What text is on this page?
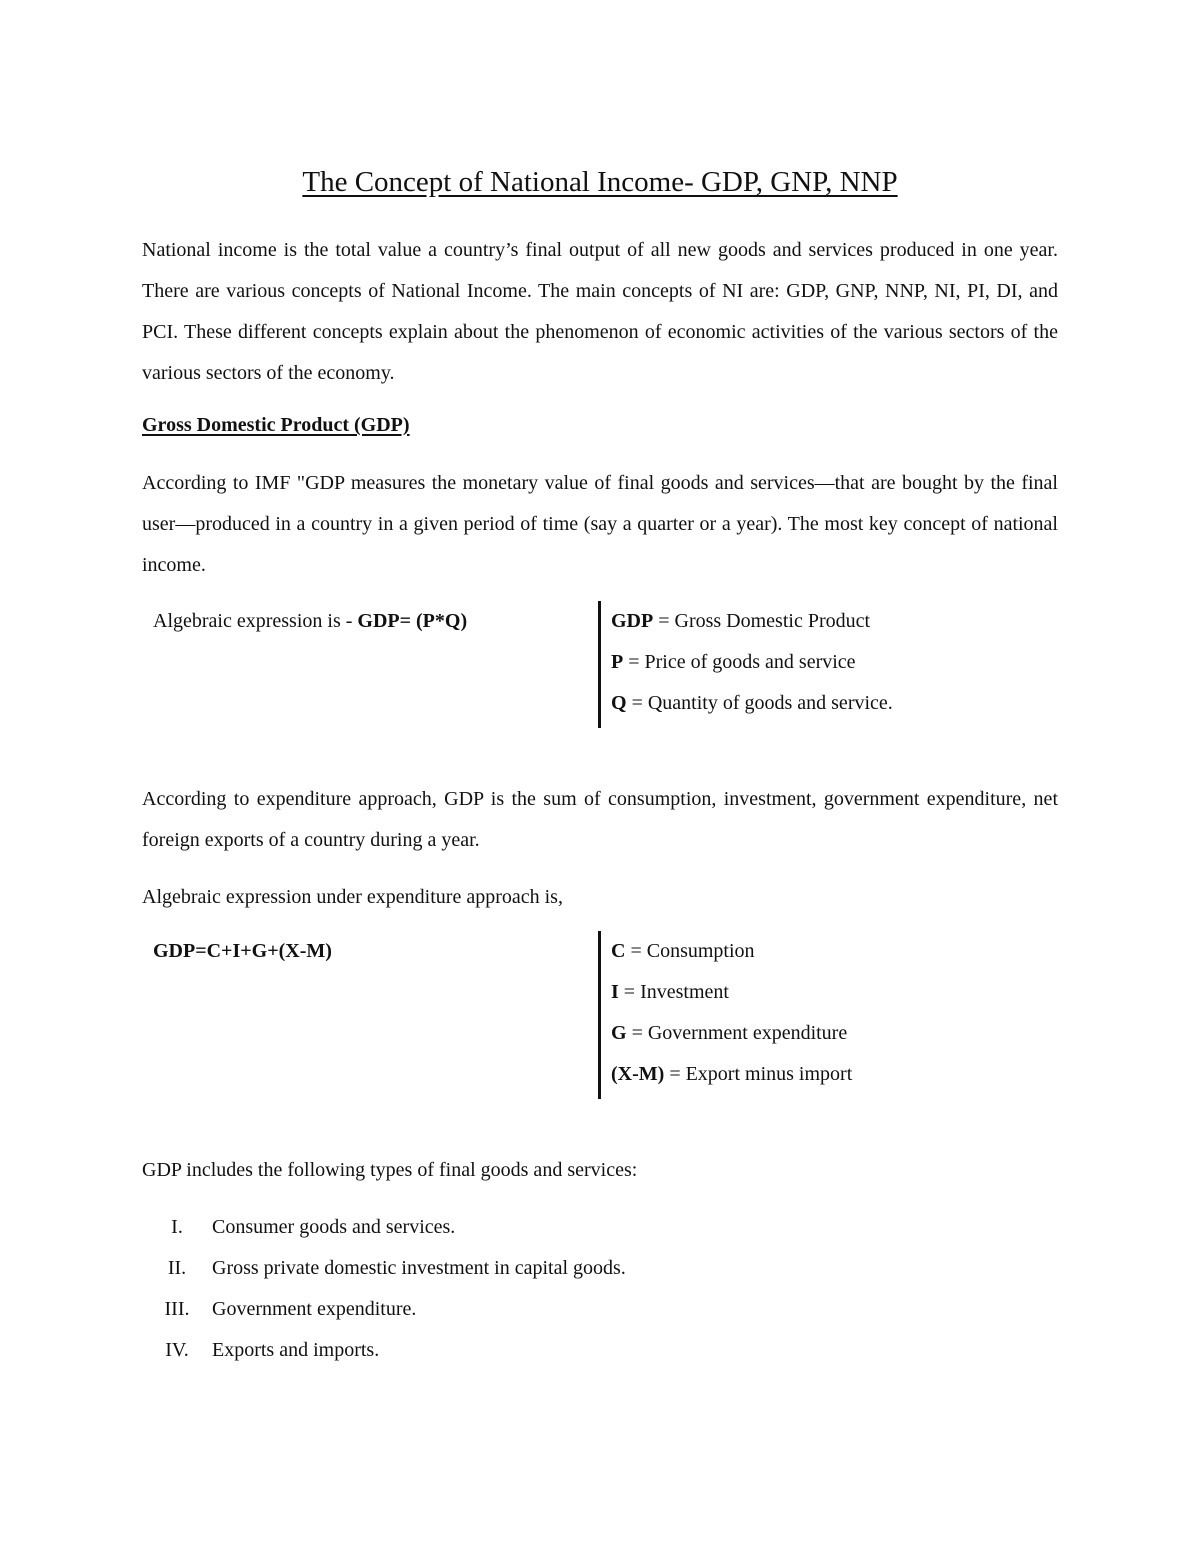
The Concept of National Income- GDP, GNP, NNP

National income is the total value a country’s final output of all new goods and services produced in one year. There are various concepts of National Income. The main concepts of NI are: GDP, GNP, NNP, NI, PI, DI, and PCI. These different concepts explain about the phenomenon of economic activities of the various sectors of the various sectors of the economy.

Gross Domestic Product (GDP)

According to IMF "GDP measures the monetary value of final goods and services—that are bought by the final user—produced in a country in a given period of time (say a quarter or a year). The most key concept of national income.

Algebraic expression is - GDP= (P*Q)	GDP = Gross Domestic Product
P = Price of goods and service
Q = Quantity of goods and service.

According to expenditure approach, GDP is the sum of consumption, investment, government expenditure, net foreign exports of a country during a year.

Algebraic expression under expenditure approach is,

GDP=C+I+G+(X-M)	C = Consumption
I = Investment
G = Government expenditure
(X-M) = Export minus import

GDP includes the following types of final goods and services:

I. Consumer goods and services.
II. Gross private domestic investment in capital goods.
III. Government expenditure.
IV. Exports and imports.
